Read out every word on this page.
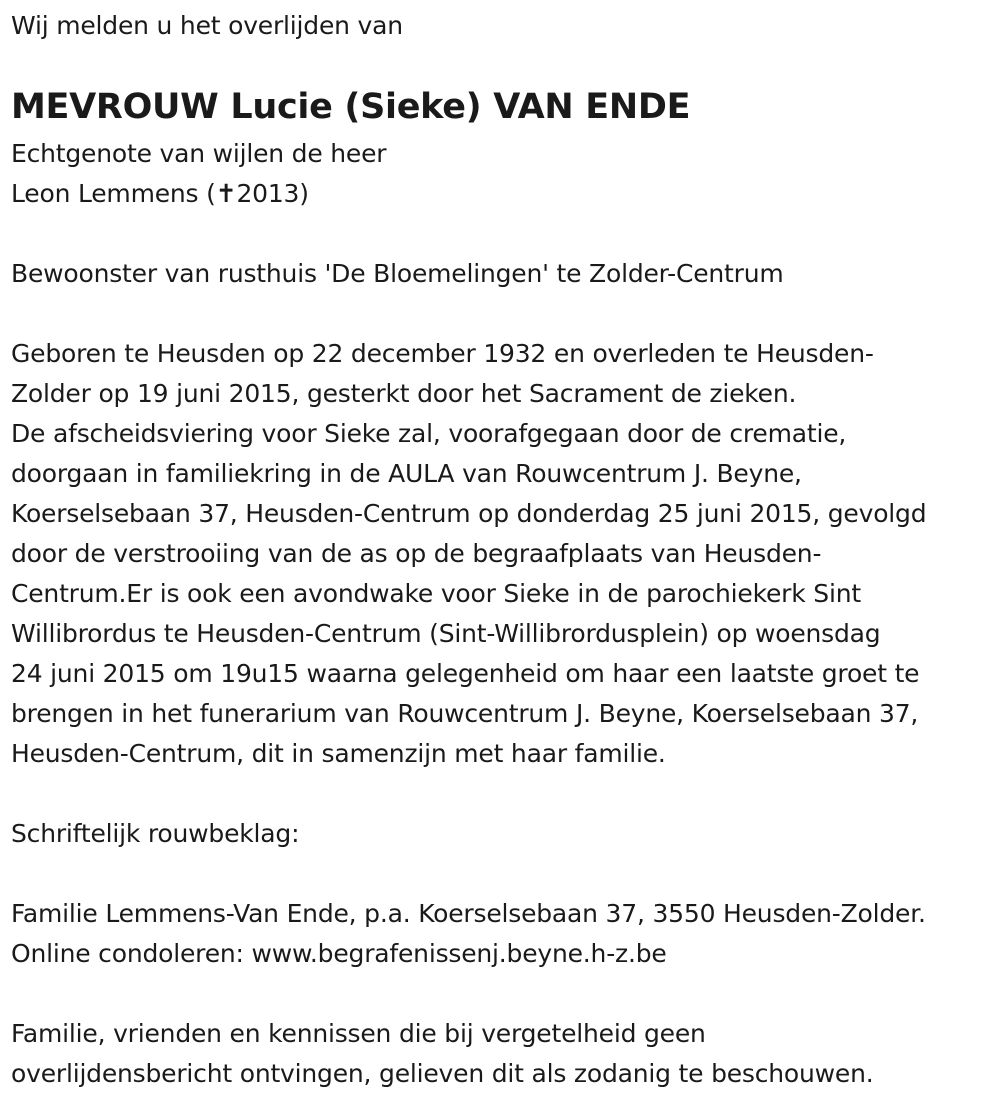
Wij melden u het overlijden van
MEVROUW Lucie (Sieke) VAN ENDE
Echtgenote van wijlen de heer
Leon Lemmens (✝2013)
Bewoonster van rusthuis 'De Bloemelingen' te Zolder-Centrum
Geboren te Heusden op 22 december 1932 en overleden te Heusden-
Zolder op 19 juni 2015, gesterkt door het Sacrament de zieken.
De afscheidsviering voor Sieke zal, voorafgegaan door de crematie,
doorgaan in familiekring in de AULA van Rouwcentrum J. Beyne,
Koerselsebaan 37, Heusden-Centrum op donderdag 25 juni 2015, gevolgd
door de verstrooiing van de as op de begraafplaats van Heusden-
Centrum.Er is ook een avondwake voor Sieke in de parochiekerk Sint
Willibrordus te Heusden-Centrum (Sint-Willibrordusplein) op woensdag
24 juni 2015 om 19u15 waarna gelegenheid om haar een laatste groet te
brengen in het funerarium van Rouwcentrum J. Beyne, Koerselsebaan 37,
Heusden-Centrum, dit in samenzijn met haar familie.
Schriftelijk rouwbeklag:
Familie Lemmens-Van Ende, p.a. Koerselsebaan 37, 3550 Heusden-Zolder.
Online condoleren: www.begrafenissenj.beyne.h-z.be
Familie, vrienden en kennissen die bij vergetelheid geen
overlijdensbericht ontvingen, gelieven dit als zodanig te beschouwen.
